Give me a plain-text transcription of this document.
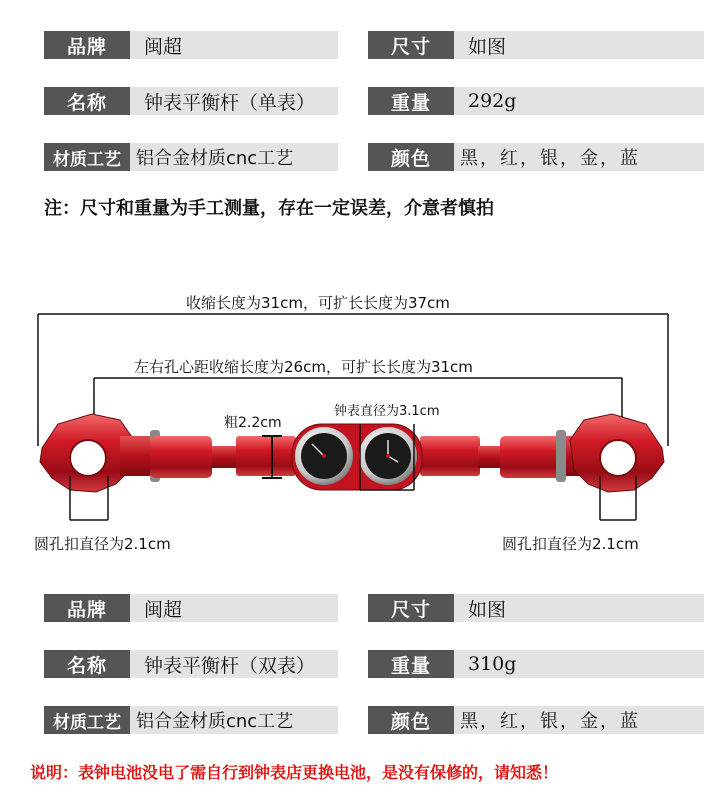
品牌	闽超	尺寸	如图
名称	钟表平衡杆（单表）	重量	292g
材质工艺 铝合金材质cnc工艺	颜色	黑，红，银，金，蓝
注：尺寸和重量为手工测量，存在一定误差，介意者慎拍
收缩长度为31cm，可扩长长度为37cm
左右孔心距收缩长度为26cm，可扩长长度为31cm
粗2.2cm
钟表直径为3.1cm
圆孔扣直径为2.1cm	圆孔扣直径为2.1cm
品牌	闽超	尺寸	如图
名称	钟表平衡杆（双表）	重量	310g
材质工艺 铝合金材质cnc工艺	颜色	黑，红，银，金，蓝
说明：表钟电池没电了需自行到钟表店更换电池，是没有保修的，请知悉！
